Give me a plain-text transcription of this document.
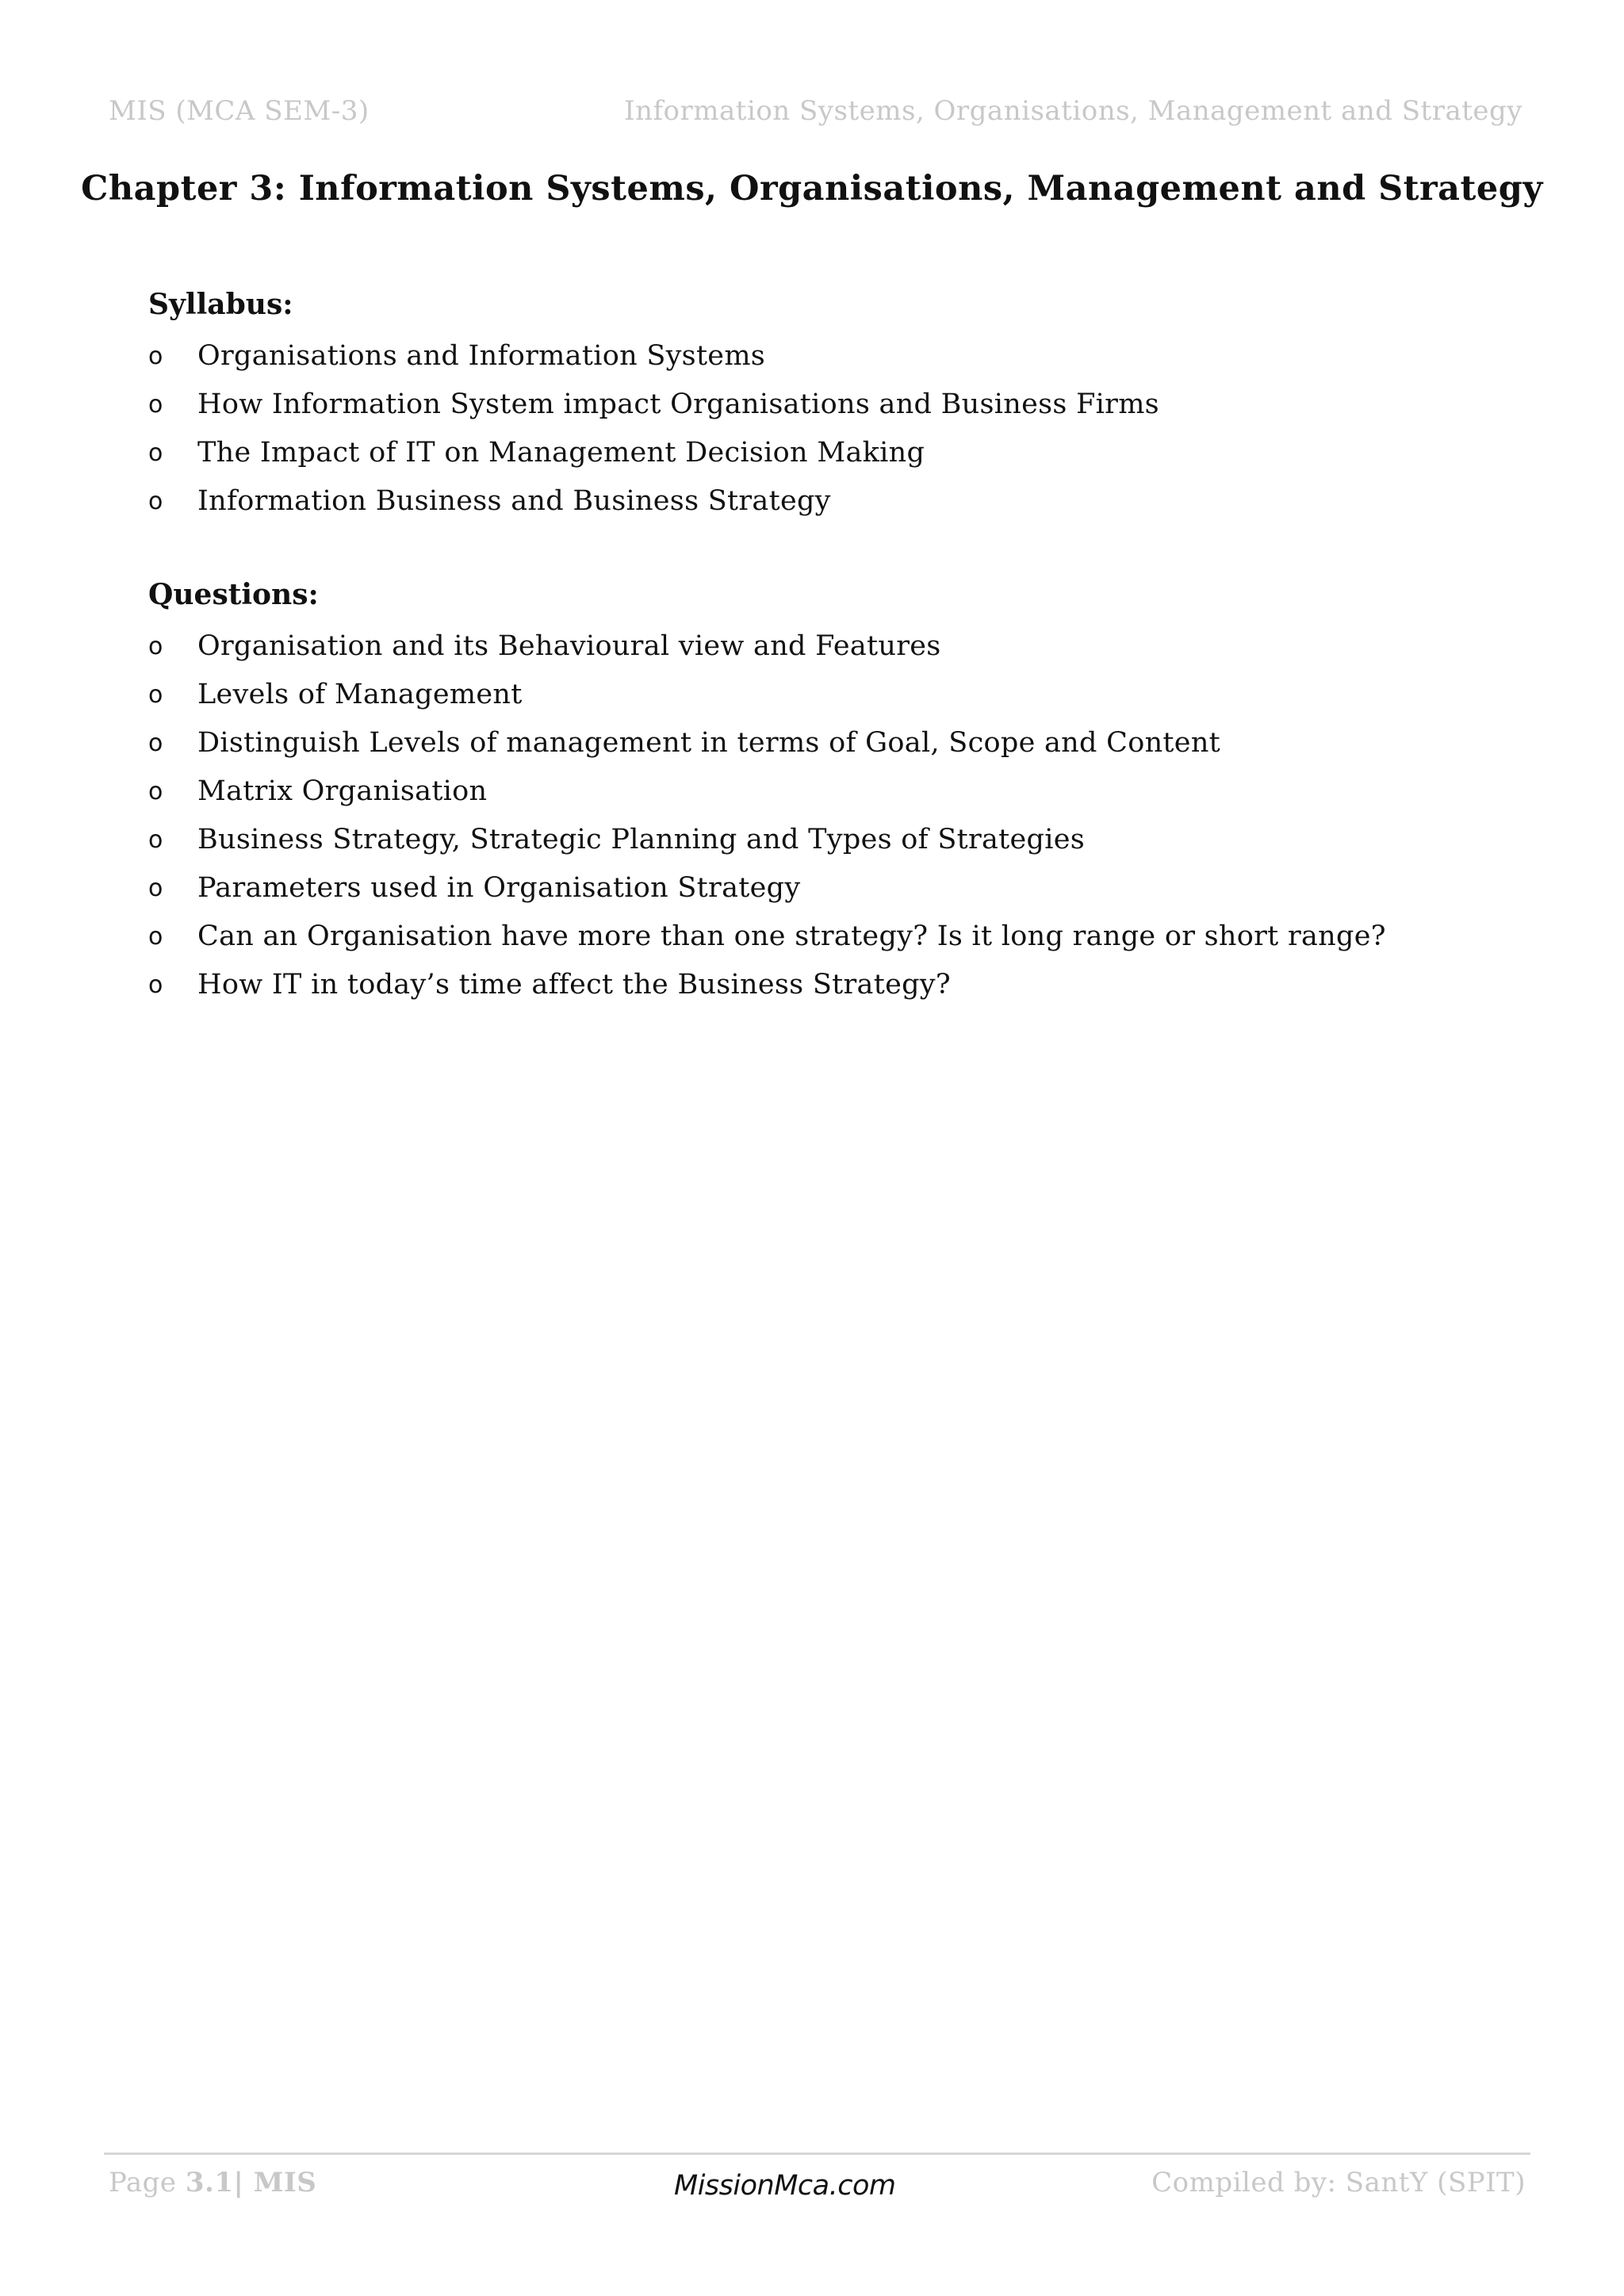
MIS (MCA SEM-3)	Information Systems, Organisations, Management and Strategy
Chapter 3: Information Systems, Organisations, Management and Strategy
Syllabus:
o Organisations and Information Systems
o How Information System impact Organisations and Business Firms
o The Impact of IT on Management Decision Making
o Information Business and Business Strategy
Questions:
o Organisation and its Behavioural view and Features
o Levels of Management
o Distinguish Levels of management in terms of Goal, Scope and Content
o Matrix Organisation
o Business Strategy, Strategic Planning and Types of Strategies
o Parameters used in Organisation Strategy
o Can an Organisation have more than one strategy? Is it long range or short range?
o How IT in today’s time affect the Business Strategy?
Page 3.1| MIS	MissionMca.com	Compiled by: SantY (SPIT)
